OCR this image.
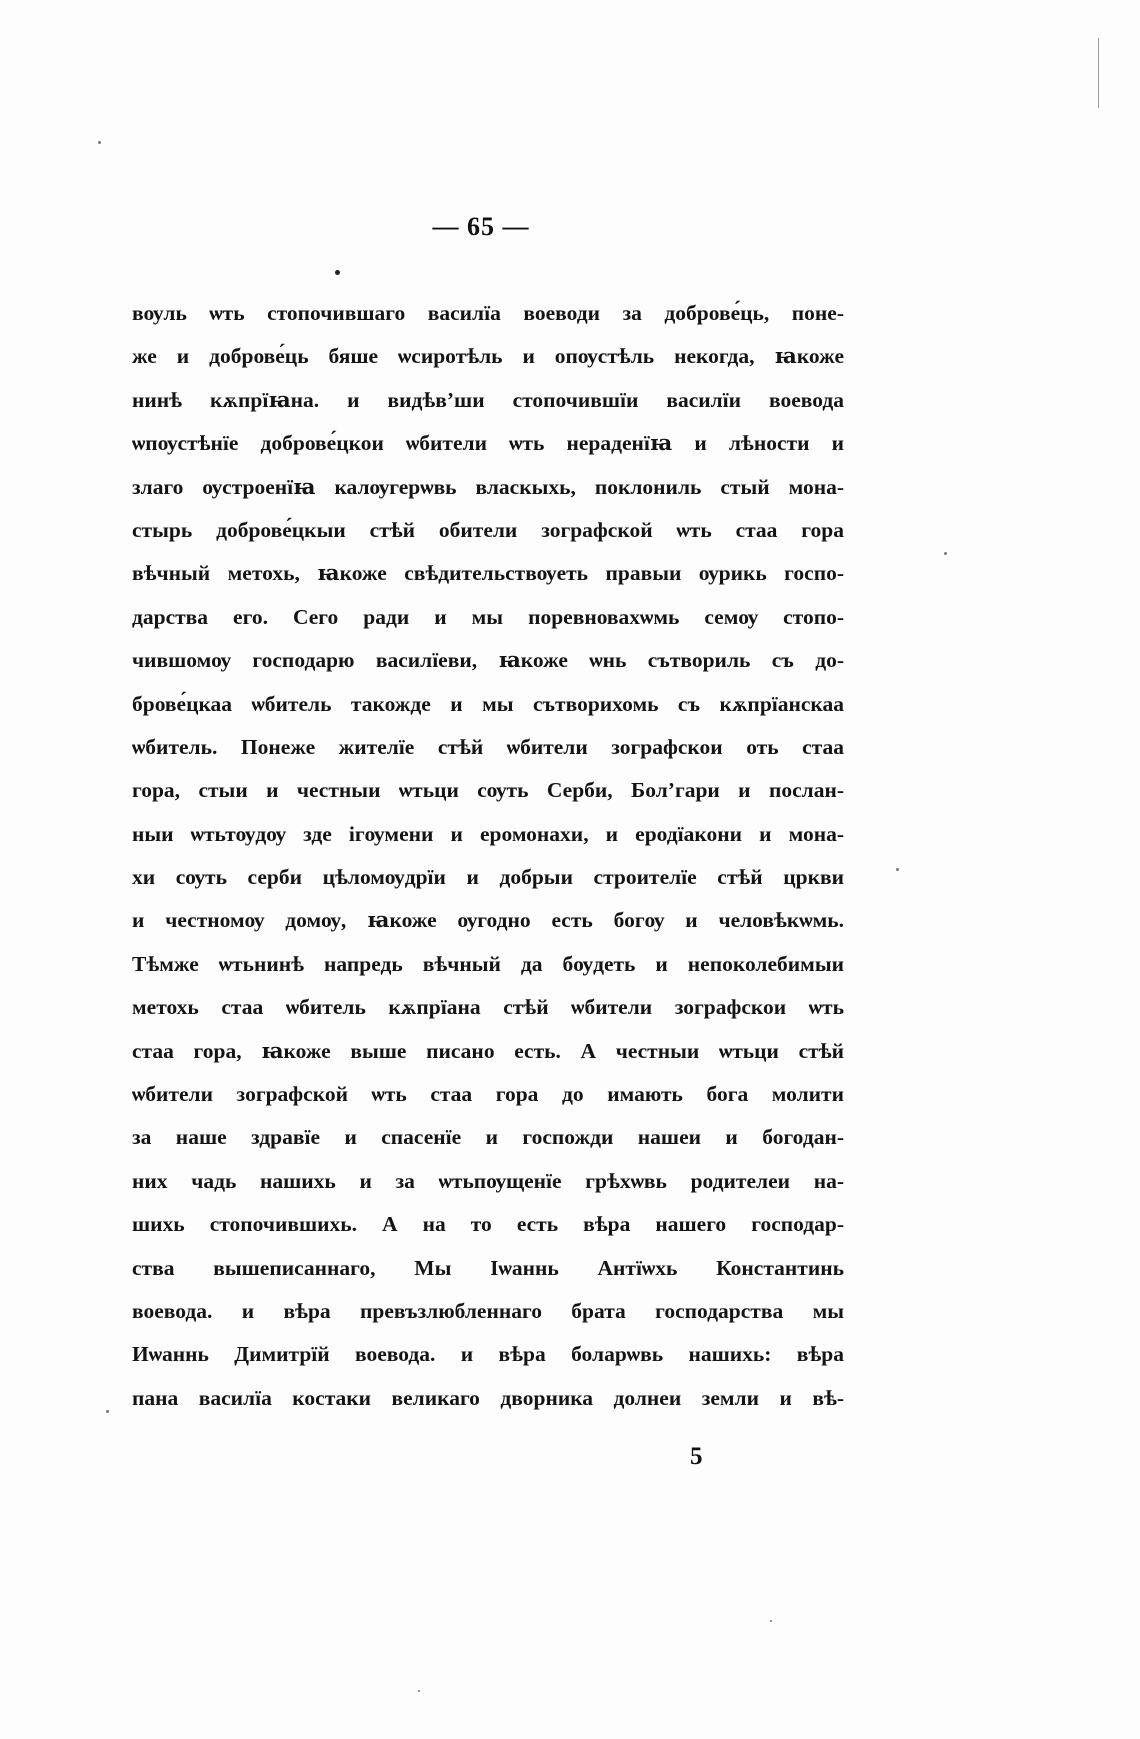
— 65 —
вѹль ѡть стопочившаго василїа воеводи за доброве́ць, поне-
же и доброве́ць бяше ѡсиротѣль и опѹстѣль некогда, ꙗкоже
нинѣ кѫпрїꙗна. и видѣв’ши стопочившїи василїи воевода
ѡпѹстѣнїе доброве́цкои ѡбители ѡть нераденїꙗ и лѣности и
злаго ѹстроенїꙗ калѹгерѡвь власкыхь, поклониль стый мона-
стырь доброве́цкыи стѣй обители зографской ѡть стаа гора
вѣчный метохь, ꙗкоже свѣдительствѹеть правыи ѹрикь госпо-
дарства его. Сего ради и мы поревновахѡмь семѹ стопо-
чившомѹ господарю василїеви, ꙗкоже ѡнь сътвориль съ до-
брове́цкаа ѡбитель такожде и мы сътворихомь съ кѫпрїанскаа
ѡбитель. Понеже жителїе стѣй ѡбители зографскои оть стаа
гора, стыи и честныи ѡтьци сѹть Серби, Бол’гари и послан-
ныи ѡтьтѹдѹ зде ігѹмени и еромонахи, и еродїакони и мона-
хи сѹть серби цѣломѹдрїи и добрыи строителїе стѣй цркви
и честномѹ домѹ, ꙗкоже ѹгодно есть богѹ и человѣкѡмь.
Тѣмже ѡтьнинѣ напредь вѣчный да бѹдеть и непоколебимыи
метохь стаа ѡбитель кѫпрїана стѣй ѡбители зографскои ѡть
стаа гора, ꙗкоже выше писано есть. А честныи ѡтьци стѣй
ѡбители зографской ѡть стаа гора до имають бога молити
за наше здравїе и спасенїе и госпожди нашеи и богодан-
них чадь нашихь и за ѡтьпѹщенїе грѣхѡвь родителеи на-
шихь стопочившихь. А на то есть вѣра нашего господар-
ства вышеписаннаго, Мы Іѡаннь Антїѡхь Константинь
воевода. и вѣра превъзлюбленнаго брата господарства мы
Иѡаннь Димитрїй воевода. и вѣра боларѡвь нашихь: вѣра
пана василїа костаки великаго дворника долнеи земли и вѣ-
5
